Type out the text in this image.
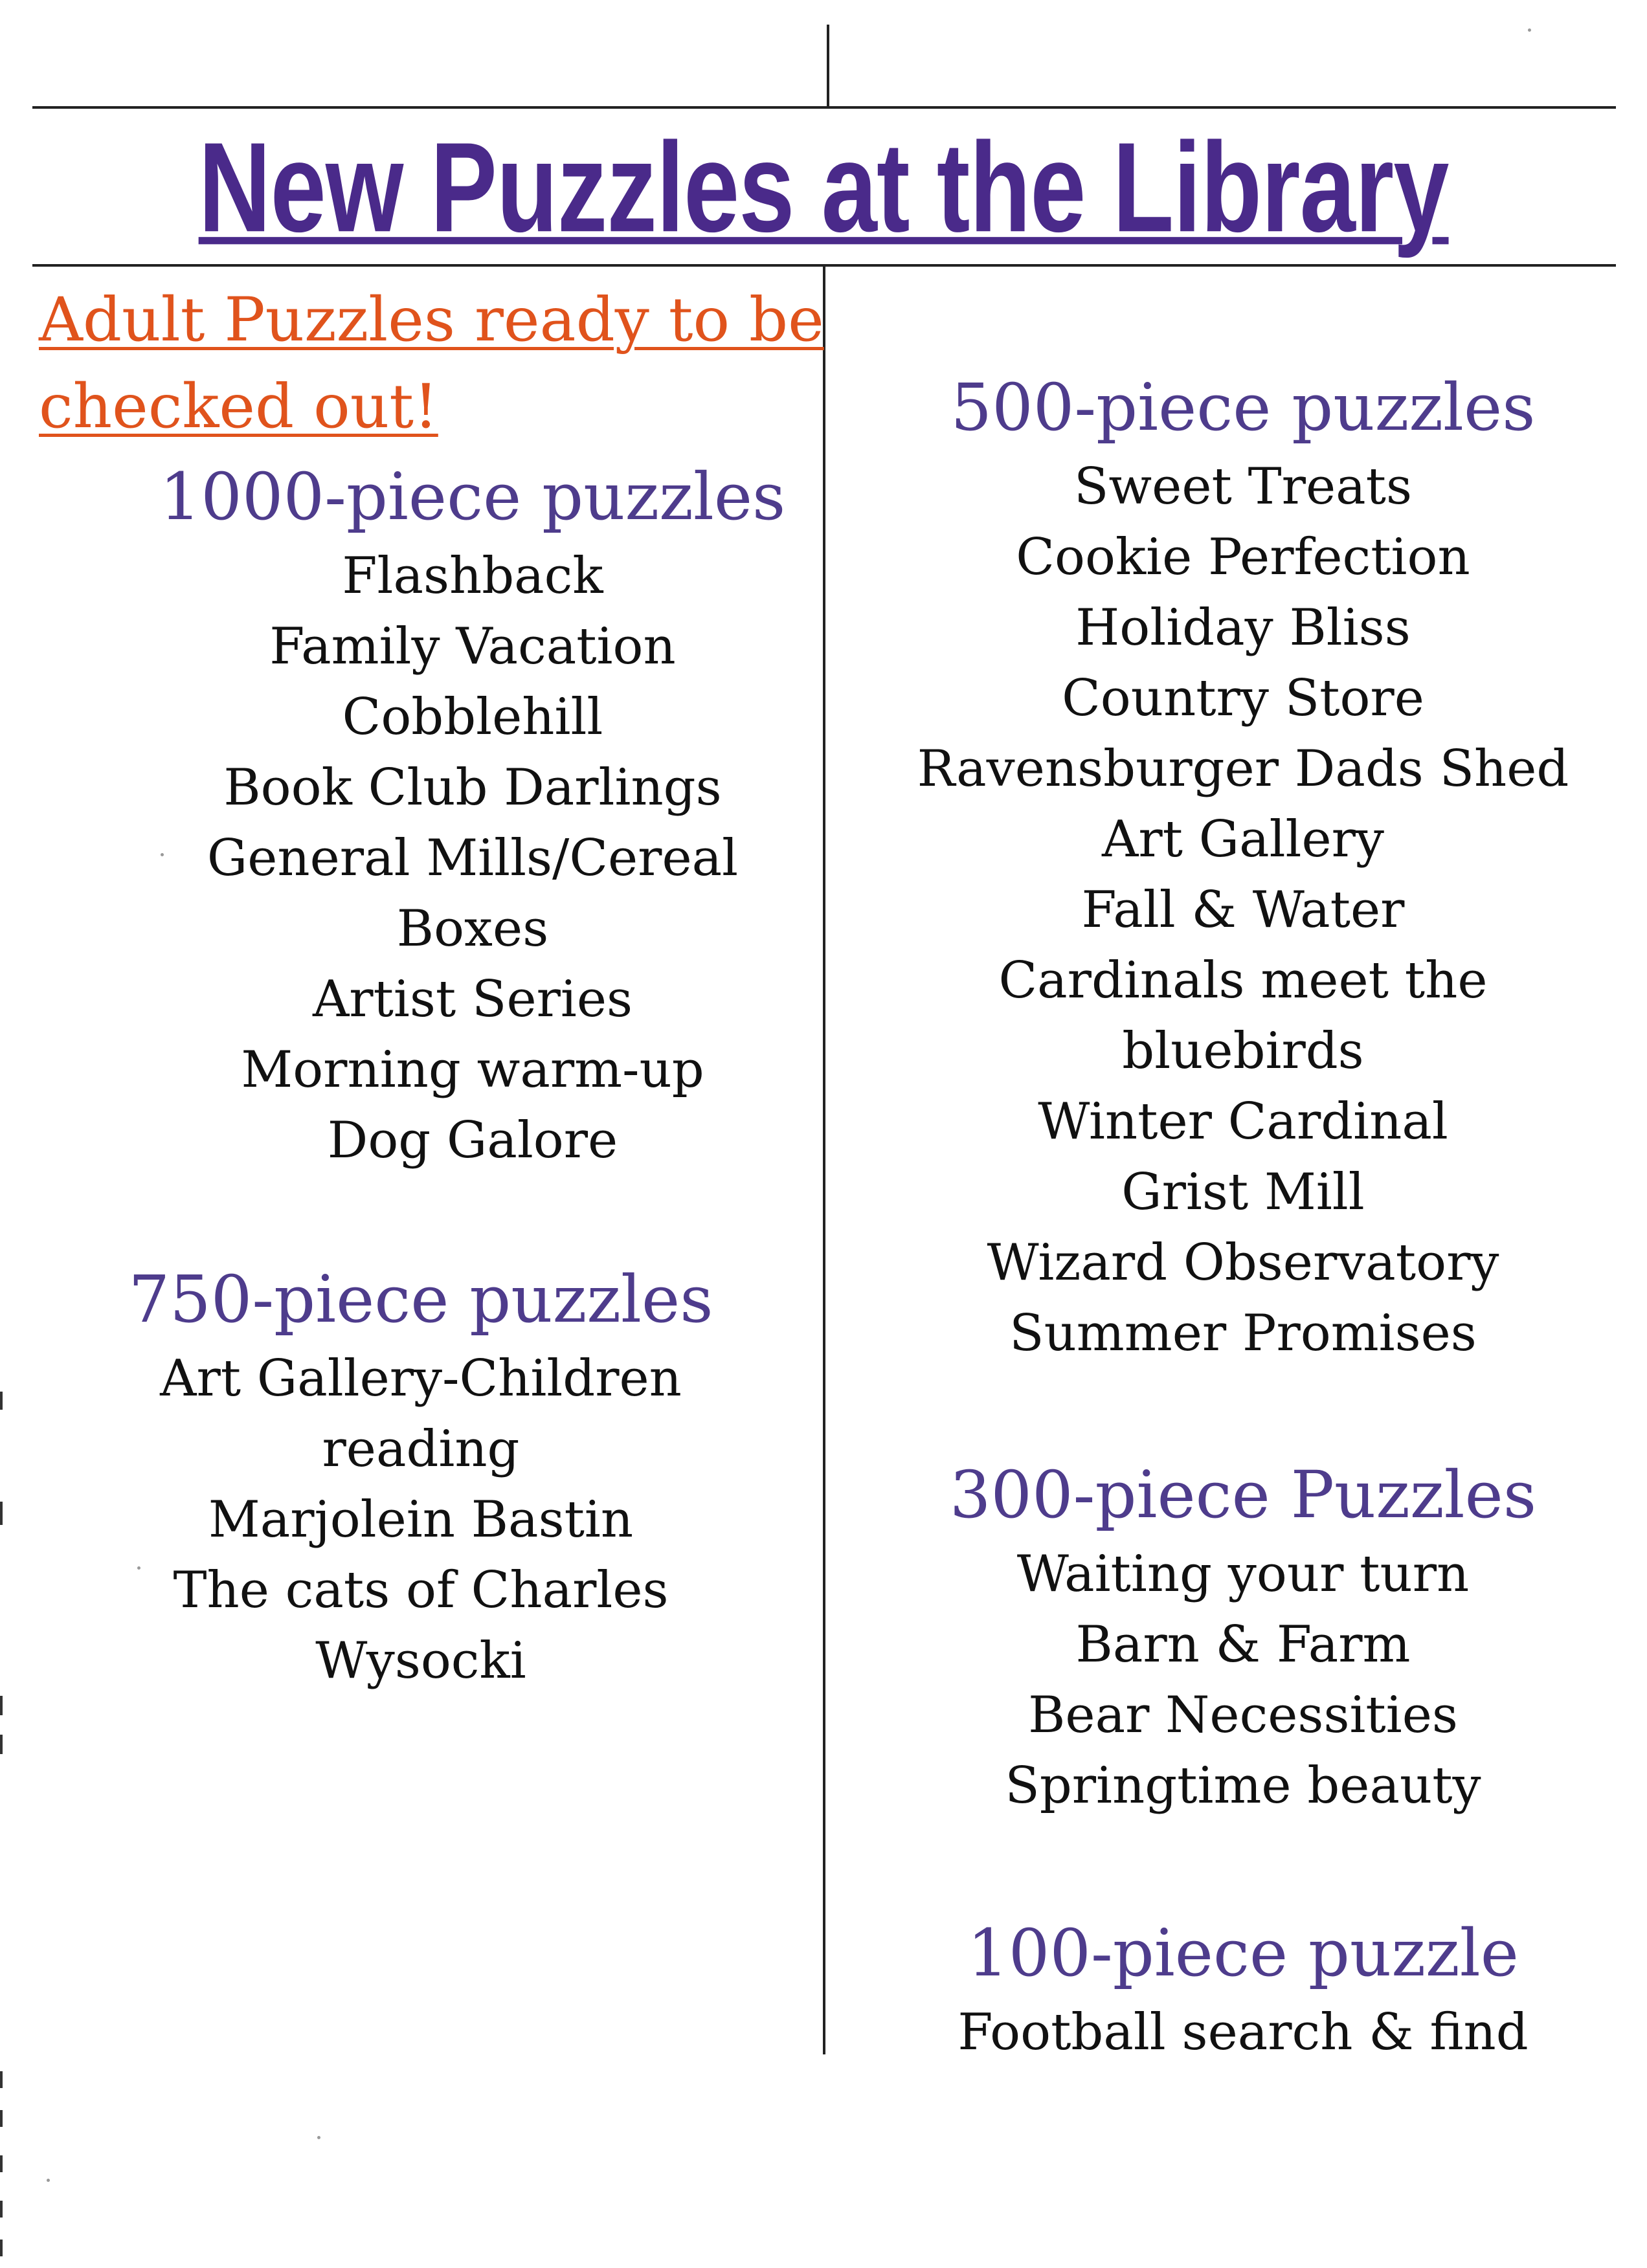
New Puzzles at the Library

Adult Puzzles ready to be checked out!

1000-piece puzzles
Flashback
Family Vacation
Cobblehill
Book Club Darlings
General Mills/Cereal
Boxes
Artist Series
Morning warm-up
Dog Galore
750-piece puzzles
Art Gallery-Children
reading
Marjolein Bastin
The cats of Charles
Wysocki
500-piece puzzles
Sweet Treats
Cookie Perfection
Holiday Bliss
Country Store
Ravensburger Dads Shed
Art Gallery
Fall & Water
Cardinals meet the
bluebirds
Winter Cardinal
Grist Mill
Wizard Observatory
Summer Promises
300-piece Puzzles
Waiting your turn
Barn & Farm
Bear Necessities
Springtime beauty
100-piece puzzle
Football search & find
